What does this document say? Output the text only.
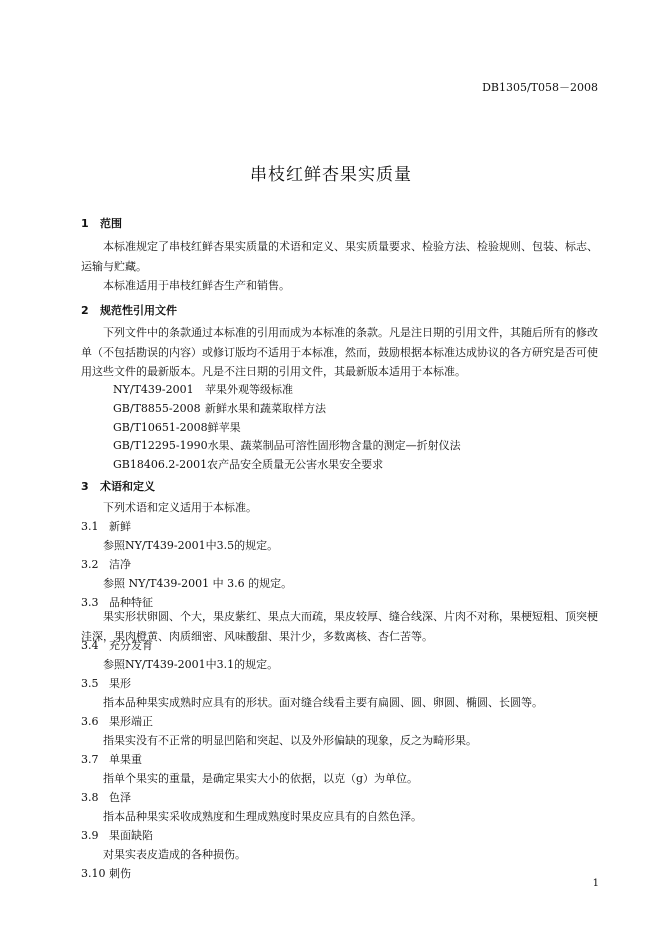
DB1305/T058－2008
串枝红鲜杏果实质量
1 范围
本标准规定了串枝红鲜杏果实质量的术语和定义、果实质量要求、检验方法、检验规则、包装、标志、运输与贮藏。
本标准适用于串枝红鲜杏生产和销售。
2 规范性引用文件
下列文件中的条款通过本标准的引用而成为本标准的条款。凡是注日期的引用文件，其随后所有的修改单（不包括勘误的内容）或修订版均不适用于本标准，然而，鼓励根据本标准达成协议的各方研究是否可使用这些文件的最新版本。凡是不注日期的引用文件，其最新版本适用于本标准。
NY/T439-2001 苹果外观等级标准
GB/T8855-2008 新鲜水果和蔬菜取样方法
GB/T10651-2008鲜苹果
GB/T12295-1990水果、蔬菜制品可溶性固形物含量的测定—折射仪法
GB18406.2-2001农产品安全质量无公害水果安全要求
3 术语和定义
下列术语和定义适用于本标准。
3.1 新鲜
参照NY/T439-2001中3.5的规定。
3.2 洁净
参照 NY/T439-2001 中 3.6 的规定。
3.3 品种特征
果实形状卵圆、个大，果皮紫红、果点大而疏，果皮较厚、缝合线深、片肉不对称，果梗短粗、顶突梗洼深，果肉橙黄、肉质细密、风味酸甜、果汁少，多数离核、杏仁苦等。
3.4 充分发育
参照NY/T439-2001中3.1的规定。
3.5 果形
指本品种果实成熟时应具有的形状。面对缝合线看主要有扁圆、圆、卵圆、椭圆、长圆等。
3.6 果形端正
指果实没有不正常的明显凹陷和突起、以及外形偏缺的现象，反之为畸形果。
3.7 单果重
指单个果实的重量，是确定果实大小的依据，以克（g）为单位。
3.8 色泽
指本品种果实采收成熟度和生理成熟度时果皮应具有的自然色泽。
3.9 果面缺陷
对果实表皮造成的各种损伤。
3.10 刺伤
1
